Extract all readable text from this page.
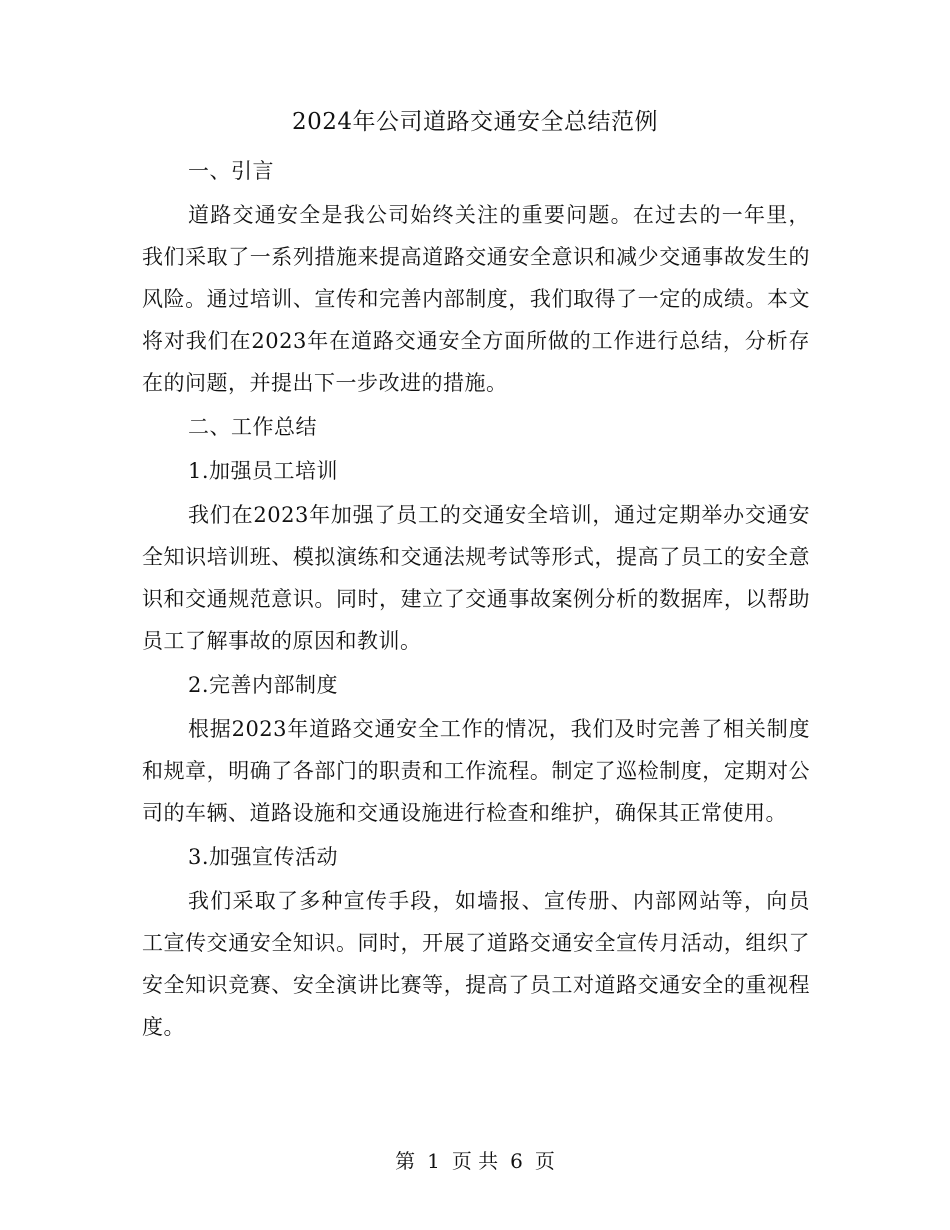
2024年公司道路交通安全总结范例

一、引言

道路交通安全是我公司始终关注的重要问题。在过去的一年里，我们采取了一系列措施来提高道路交通安全意识和减少交通事故发生的风险。通过培训、宣传和完善内部制度，我们取得了一定的成绩。本文将对我们在2023年在道路交通安全方面所做的工作进行总结，分析存在的问题，并提出下一步改进的措施。

二、工作总结

1.加强员工培训

我们在2023年加强了员工的交通安全培训，通过定期举办交通安全知识培训班、模拟演练和交通法规考试等形式，提高了员工的安全意识和交通规范意识。同时，建立了交通事故案例分析的数据库，以帮助员工了解事故的原因和教训。

2.完善内部制度

根据2023年道路交通安全工作的情况，我们及时完善了相关制度和规章，明确了各部门的职责和工作流程。制定了巡检制度，定期对公司的车辆、道路设施和交通设施进行检查和维护，确保其正常使用。

3.加强宣传活动

我们采取了多种宣传手段，如墙报、宣传册、内部网站等，向员工宣传交通安全知识。同时，开展了道路交通安全宣传月活动，组织了安全知识竞赛、安全演讲比赛等，提高了员工对道路交通安全的重视程度。

第 1 页 共 6 页
